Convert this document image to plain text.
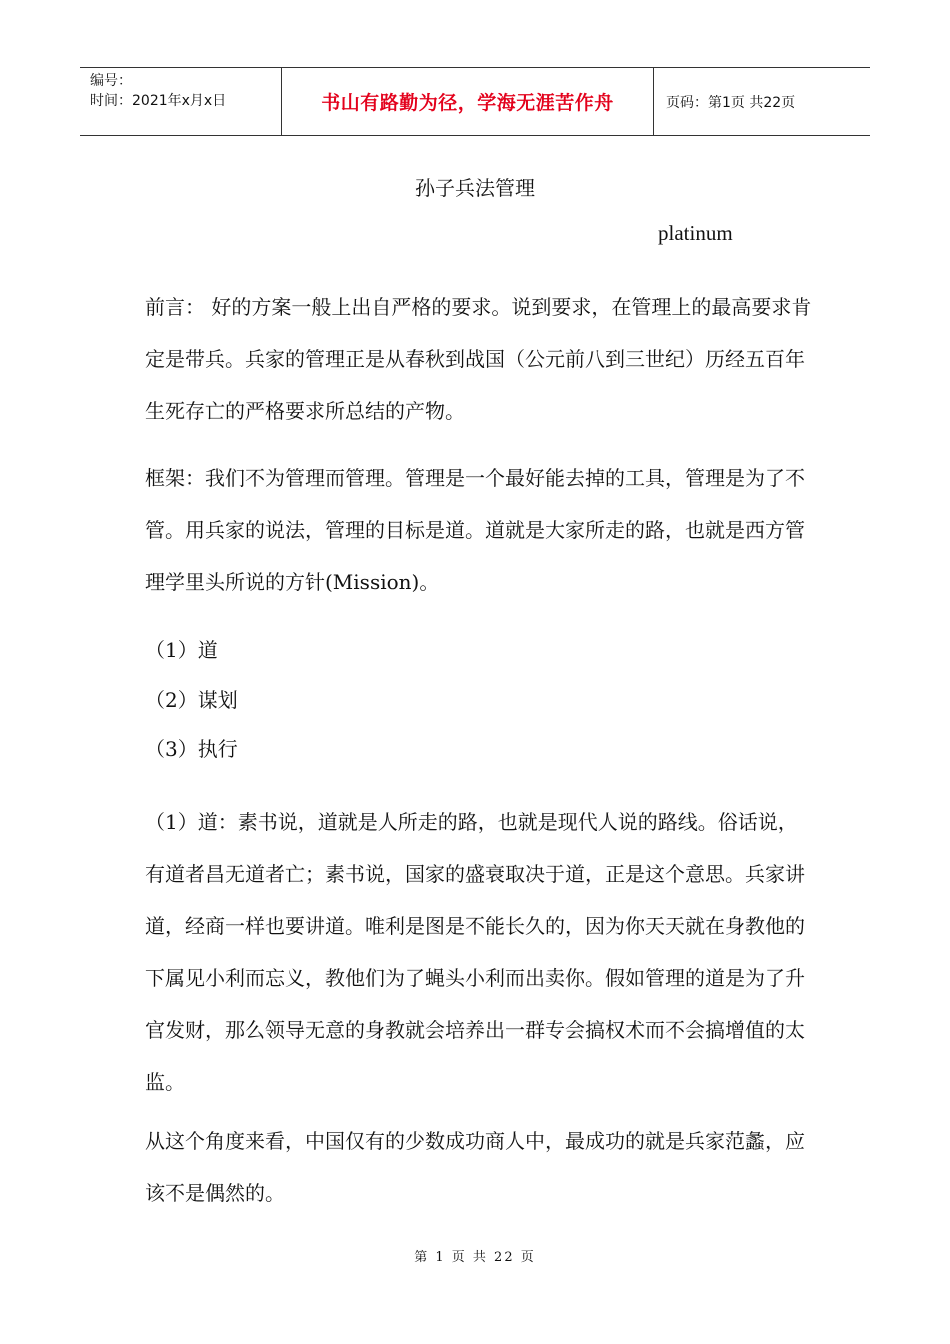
编号：
时间：2021年x月x日	书山有路勤为径，学海无涯苦作舟	页码：第1页 共22页
孙子兵法管理
platinum

前言： 好的方案一般上出自严格的要求。说到要求，在管理上的最高要求肯定是带兵。兵家的管理正是从春秋到战国（公元前八到三世纪）历经五百年生死存亡的严格要求所总结的产物。

框架：我们不为管理而管理。管理是一个最好能去掉的工具，管理是为了不管。用兵家的说法，管理的目标是道。道就是大家所走的路，也就是西方管理学里头所说的方针(Mission)。

（1）道
（2）谋划
（3）执行

（1）道：素书说，道就是人所走的路，也就是现代人说的路线。俗话说，有道者昌无道者亡；素书说，国家的盛衰取决于道，正是这个意思。兵家讲道，经商一样也要讲道。唯利是图是不能长久的，因为你天天就在身教他的下属见小利而忘义，教他们为了蝇头小利而出卖你。假如管理的道是为了升官发财，那么领导无意的身教就会培养出一群专会搞权术而不会搞增值的太监。

从这个角度来看，中国仅有的少数成功商人中，最成功的就是兵家范蠡，应该不是偶然的。

第 1 页 共 22 页
